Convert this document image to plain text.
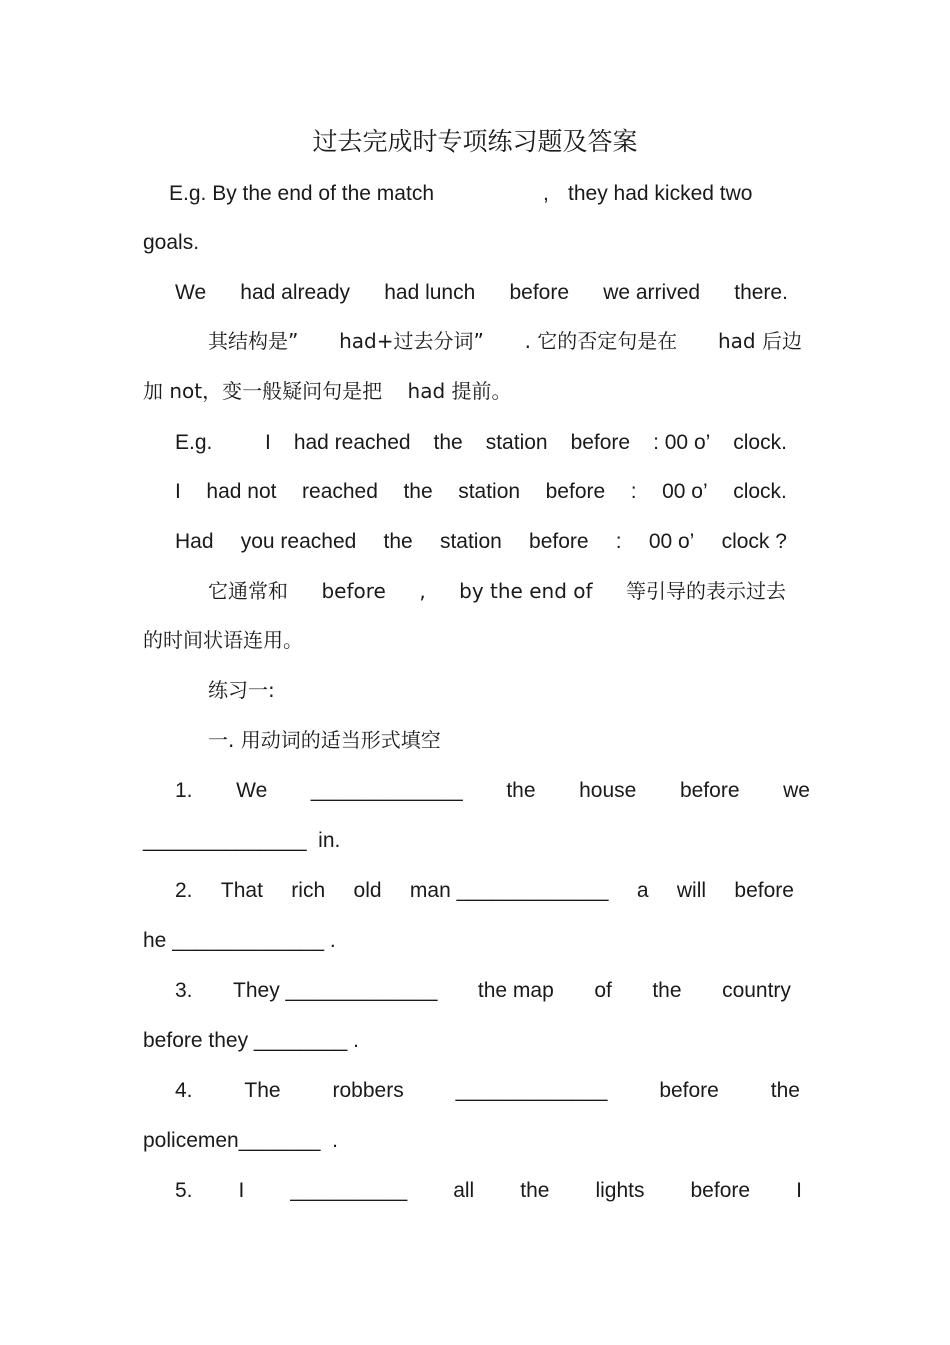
过去完成时专项练习题及答案
E.g. By the end of the match	, they had kicked two
goals.
We had already had lunch before we arrived there.
其结构是” had+过去分词” . 它的否定句是在 had 后边
加 not，变一般疑问句是把    had 提前。
E.g.	I had reached the station before : 00 o’ clock.
I had not reached the station before : 00 o’ clock.
Had you reached the station before : 00 o’ clock ?
它通常和 before , by the end of 等引导的表示过去
的时间状语连用。
练习一:
一. 用动词的适当形式填空
1. We _____________ the house before we
______________  in.
2. That rich old man _____________ a will before
he _____________ .
3. They _____________ the map of the country
before they ________ .
4. The robbers _____________ before the
policemen_______  .
5. I __________ all the lights before I
